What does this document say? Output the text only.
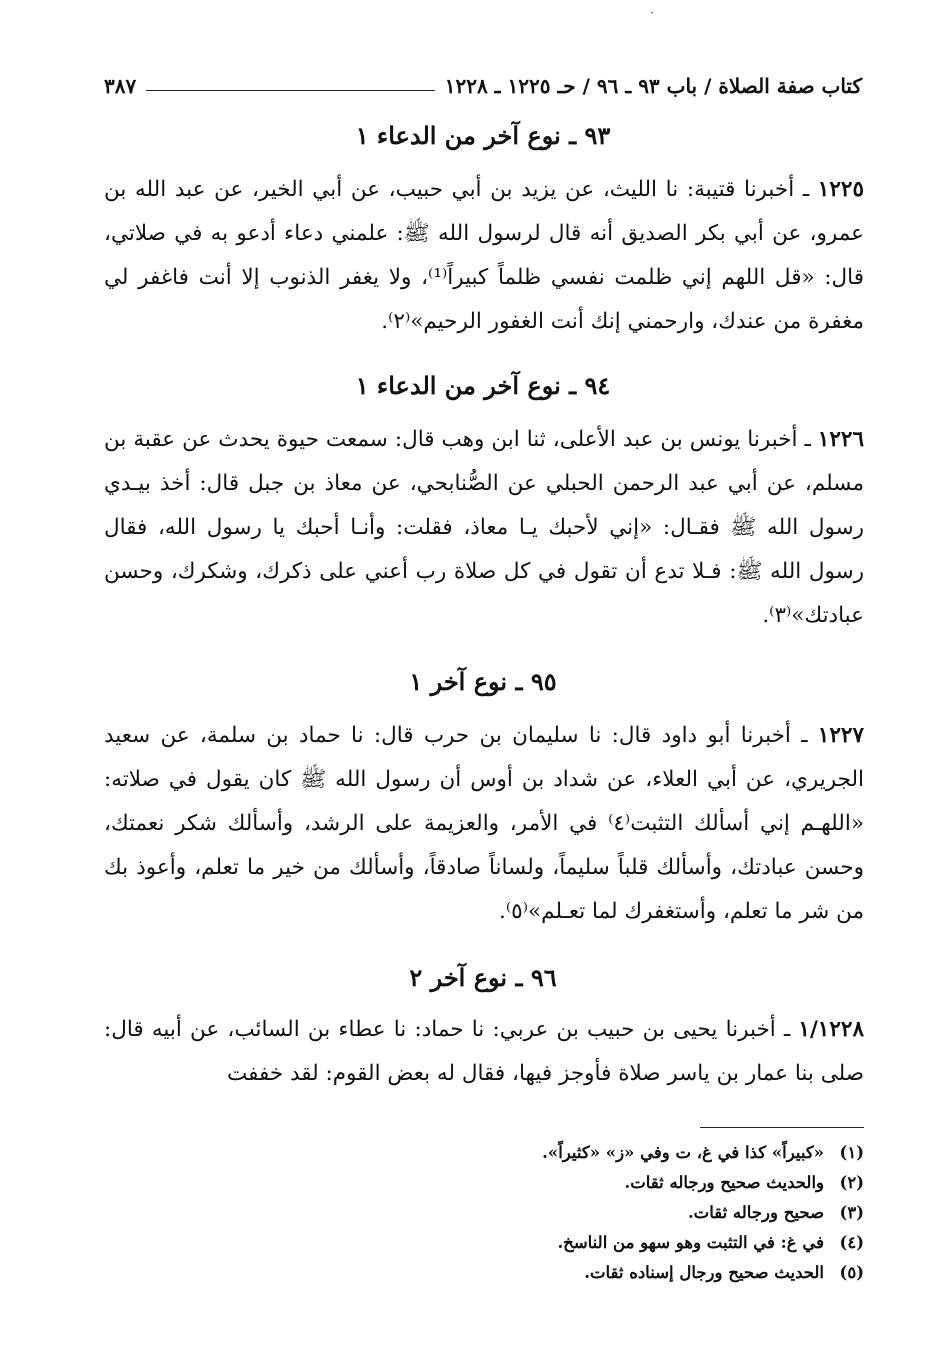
·
كتاب صفة الصلاة / باب ٩٣ ـ ٩٦ / حـ ١٢٢٥ ـ ١٢٢٨
٣٨٧
٩٣ ـ نوع آخر من الدعاء ١
١٢٢٥ ـ أخبرنا قتيبة: نا الليث، عن يزيد بن أبي حبيب، عن أبي الخير، عن عبد الله بن عمرو، عن أبي بكر الصديق أنه قال لرسول الله ﷺ: علمني دعاء أدعو به في صلاتي، قال: «قل اللهم إني ظلمت نفسي ظلماً كبيراً⁽¹⁾، ولا يغفر الذنوب إلا أنت فاغفر لي مغفرة من عندك، وارحمني إنك أنت الغفور الرحيم»⁽٢⁾.
٩٤ ـ نوع آخر من الدعاء ١
١٢٢٦ ـ أخبرنا يونس بن عبد الأعلى، ثنا ابن وهب قال: سمعت حيوة يحدث عن عقبة بن مسلم، عن أبي عبد الرحمن الحبلي عن الصُّنابحي، عن معاذ بن جبل قال: أخذ بيـدي رسول الله ﷺ فقـال: «إني لأحبك يـا معاذ، فقلت: وأنـا أحبك يا رسول الله، فقال رسول الله ﷺ: فـلا تدع أن تقول في كل صلاة رب أعني على ذكرك، وشكرك، وحسن عبادتك»⁽٣⁾.
٩٥ ـ نوع آخر ١
١٢٢٧ ـ أخبرنا أبو داود قال: نا سليمان بن حرب قال: نا حماد بن سلمة، عن سعيد الجريري، عن أبي العلاء، عن شداد بن أوس أن رسول الله ﷺ كان يقول في صلاته: «اللهـم إني أسألك التثبت⁽٤⁾ في الأمر، والعزيمة على الرشد، وأسألك شكر نعمتك، وحسن عبادتك، وأسألك قلباً سليماً، ولساناً صادقاً، وأسألك من خير ما تعلم، وأعوذ بك من شر ما تعلم، وأستغفرك لما تعـلم»⁽٥⁾.
٩٦ ـ نوع آخر ٢
١/١٢٢٨ ـ أخبرنا يحيى بن حبيب بن عربي: نا حماد: نا عطاء بن السائب، عن أبيه قال: صلى بنا عمار بن ياسر صلاة فأوجز فيها، فقال له بعض القوم: لقد خففت
(١)
«كبيراً» كذا في غ، ت وفي «ز» «كثيراً».
(٢)
والحديث صحيح ورجاله ثقات.
(٣)
صحيح ورجاله ثقات.
(٤)
في غ: في التثبت وهو سهو من الناسخ.
(٥)
الحديث صحيح ورجال إسناده ثقات.
